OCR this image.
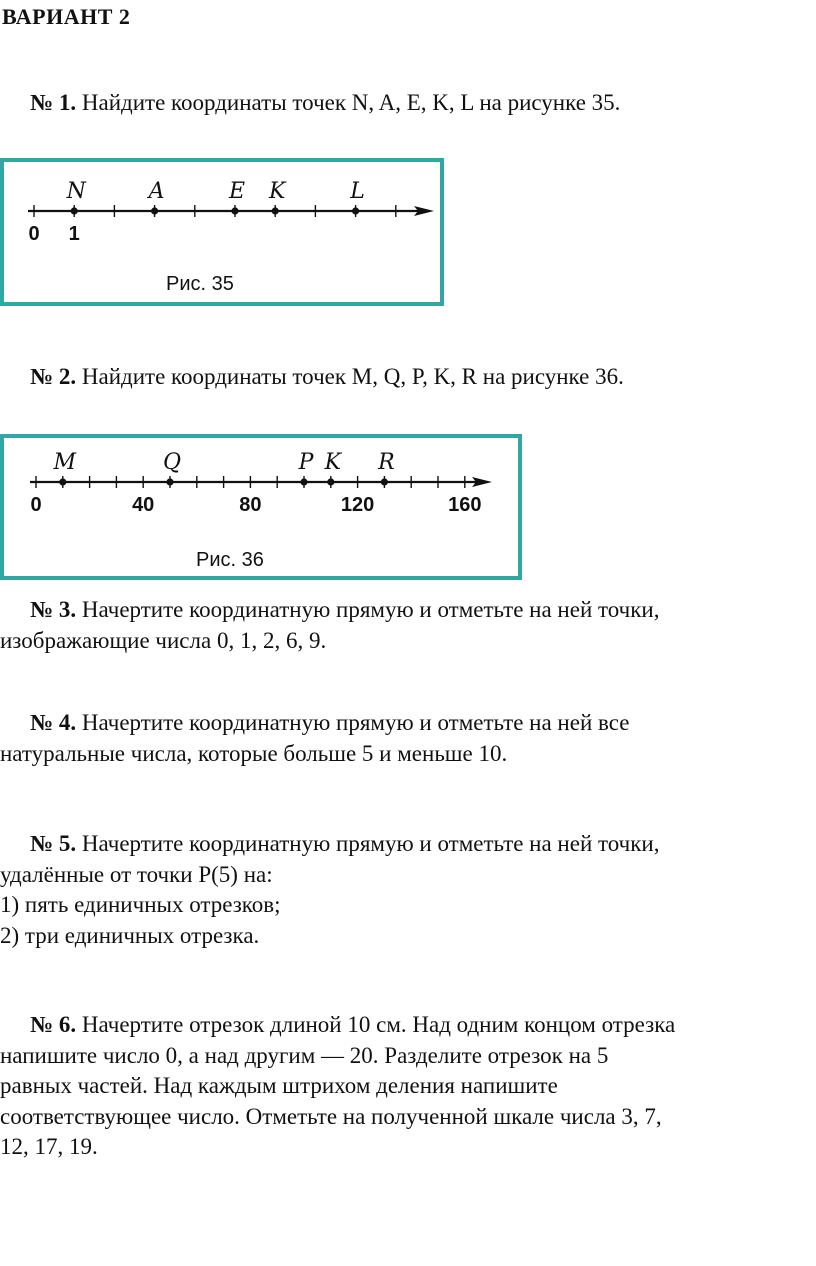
ВАРИАНТ 2
№ 1. Найдите координаты точек N, A, E, K, L на рисунке 35.
Рис. 35
0 1
N	A	E K	L
№ 2. Найдите координаты точек M, Q, P, K, R на рисунке 36.
Рис. 36
0	40	80	120	160
M	Q	P K R
№ 3. Начертите координатную прямую и отметьте на ней точки,
изображающие числа 0, 1, 2, 6, 9.
№ 4. Начертите координатную прямую и отметьте на ней все
натуральные числа, которые больше 5 и меньше 10.
№ 5. Начертите координатную прямую и отметьте на ней точки,
удалённые от точки P(5) на:
1) пять единичных отрезков;
2) три единичных отрезка.
№ 6. Начертите отрезок длиной 10 см. Над одним концом отрезка
напишите число 0, а над другим — 20. Разделите отрезок на 5
равных частей. Над каждым штрихом деления напишите
соответствующее число. Отметьте на полученной шкале числа 3, 7,
12, 17, 19.
